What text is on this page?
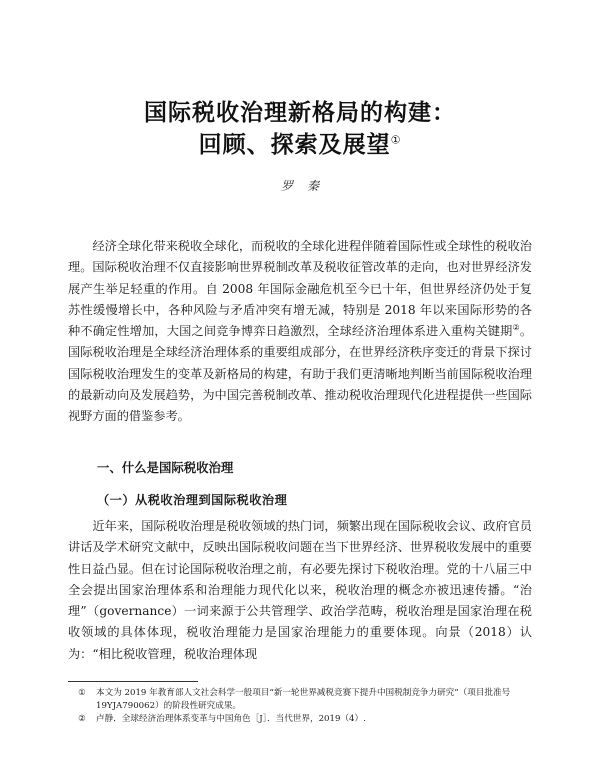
国际税收治理新格局的构建：
回顾、探索及展望①
罗秦

经济全球化带来税收全球化，而税收的全球化进程伴随着国际性或全球性的税收治理。国际税收治理不仅直接影响世界税制改革及税收征管改革的走向，也对世界经济发展产生举足轻重的作用。自 2008 年国际金融危机至今已十年，但世界经济仍处于复苏性缓慢增长中，各种风险与矛盾冲突有增无减，特别是 2018 年以来国际形势的各种不确定性增加，大国之间竞争博弈日趋激烈，全球经济治理体系进入重构关键期②。国际税收治理是全球经济治理体系的重要组成部分，在世界经济秩序变迁的背景下探讨国际税收治理发生的变革及新格局的构建，有助于我们更清晰地判断当前国际税收治理的最新动向及发展趋势，为中国完善税制改革、推动税收治理现代化进程提供一些国际视野方面的借鉴参考。

一、什么是国际税收治理
（一）从税收治理到国际税收治理

近年来，国际税收治理是税收领域的热门词，频繁出现在国际税收会议、政府官员讲话及学术研究文献中，反映出国际税收问题在当下世界经济、世界税收发展中的重要性日益凸显。但在讨论国际税收治理之前，有必要先探讨下税收治理。党的十八届三中全会提出国家治理体系和治理能力现代化以来，税收治理的概念亦被迅速传播。“治理”（governance）一词来源于公共管理学、政治学范畴，税收治理是国家治理在税收领域的具体体现，税收治理能力是国家治理能力的重要体现。向景（2018）认为：“相比税收管理，税收治理体现

①	本文为 2019 年教育部人文社会科学一般项目“新一轮世界减税竞赛下提升中国税制竞争力研究”（项目批准号 19YJA790062）的阶段性研究成果。
②	卢静．全球经济治理体系变革与中国角色［J］．当代世界，2019（4）.
